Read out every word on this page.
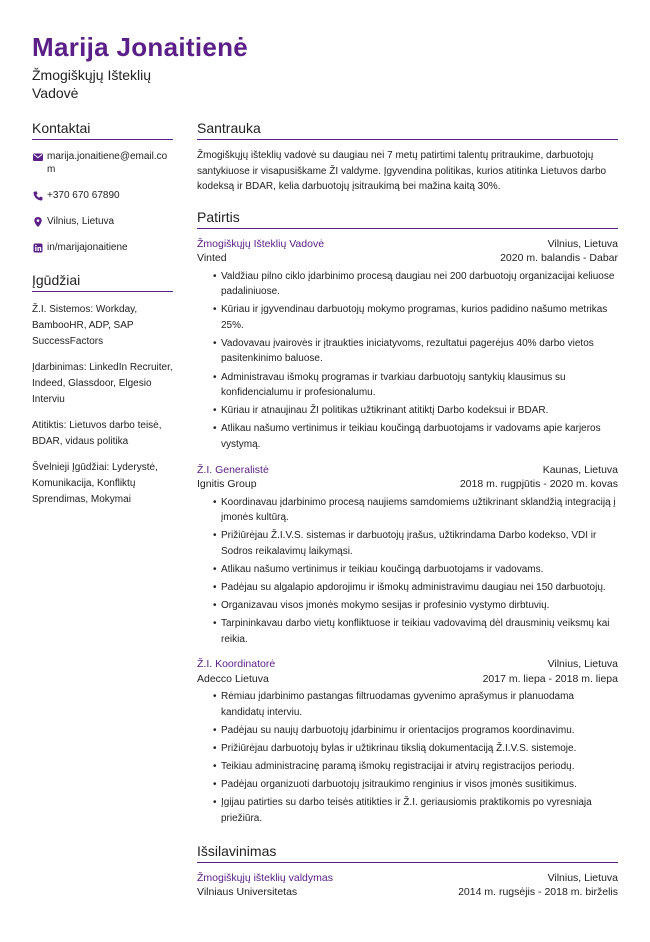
Marija Jonaitienė
Žmogiškųjų Išteklių Vadovė
Kontaktai
marija.jonaitiene@email.com
+370 670 67890
Vilnius, Lietuva
in/marijajonaitiene
Įgūdžiai
Ž.I. Sistemos: Workday, BambooHR, ADP, SAP SuccessFactors
Įdarbinimas: LinkedIn Recruiter, Indeed, Glassdoor, Elgesio Interviu
Atitiktis: Lietuvos darbo teisė, BDAR, vidaus politika
Švelnieji Įgūdžiai: Lyderystė, Komunikacija, Konfliktų Sprendimas, Mokymai
Santrauka
Žmogiškųjų išteklių vadovė su daugiau nei 7 metų patirtimi talentų pritraukime, darbuotojų santykiuose ir visapusiškame ŽI valdyme. Įgyvendina politikas, kurios atitinka Lietuvos darbo kodeksą ir BDAR, kelia darbuotojų įsitraukimą bei mažina kaitą 30%.
Patirtis
Žmogiškųjų Išteklių Vadovė	Vilnius, Lietuva
Vinted	2020 m. balandis - Dabar
• Valdžiau pilno ciklo įdarbinimo procesą daugiau nei 200 darbuotojų organizacijai keliuose padaliniuose.
• Kūriau ir įgyvendinau darbuotojų mokymo programas, kurios padidino našumo metrikas 25%.
• Vadovavau įvairovės ir įtraukties iniciatyvoms, rezultatui pagerėjus 40% darbo vietos pasitenkinimo baluose.
• Administravau išmokų programas ir tvarkiau darbuotojų santykių klausimus su konfidencialumu ir profesionalumu.
• Kūriau ir atnaujinau ŽI politikas užtikrinant atitiktį Darbo kodeksui ir BDAR.
• Atlikau našumo vertinimus ir teikiau koučingą darbuotojams ir vadovams apie karjeros vystymą.
Ž.I. Generalistė	Kaunas, Lietuva
Ignitis Group	2018 m. rugpjūtis - 2020 m. kovas
• Koordinavau įdarbinimo procesą naujiems samdomiems užtikrinant sklandžią integraciją į įmonės kultūrą.
• Prižiūrėjau Ž.I.V.S. sistemas ir darbuotojų įrašus, užtikrindama Darbo kodekso, VDI ir Sodros reikalavimų laikymąsi.
• Atlikau našumo vertinimus ir teikiau koučingą darbuotojams ir vadovams.
• Padėjau su algalapio apdorojimu ir išmokų administravimu daugiau nei 150 darbuotojų.
• Organizavau visos įmonės mokymo sesijas ir profesinio vystymo dirbtuvių.
• Tarpininkavau darbo vietų konfliktuose ir teikiau vadovavimą dėl drausminių veiksmų kai reikia.
Ž.I. Koordinatorė	Vilnius, Lietuva
Adecco Lietuva	2017 m. liepa - 2018 m. liepa
• Rėmiau įdarbinimo pastangas filtruodamas gyvenimo aprašymus ir planuodama kandidatų interviu.
• Padėjau su naujų darbuotojų įdarbinimu ir orientacijos programos koordinavimu.
• Prižiūrėjau darbuotojų bylas ir užtikrinau tikslią dokumentaciją Ž.I.V.S. sistemoje.
• Teikiau administracinę paramą išmokų registracijai ir atvirų registracijos periodų.
• Padėjau organizuoti darbuotojų įsitraukimo renginius ir visos įmonės susitikimus.
• Įgijau patirties su darbo teisės atitikties ir Ž.I. geriausiomis praktikomis po vyresniaja priežiūra.
Išsilavinimas
Žmogiškųjų išteklių valdymas	Vilnius, Lietuva
Vilniaus Universitetas	2014 m. rugsėjis - 2018 m. birželis
